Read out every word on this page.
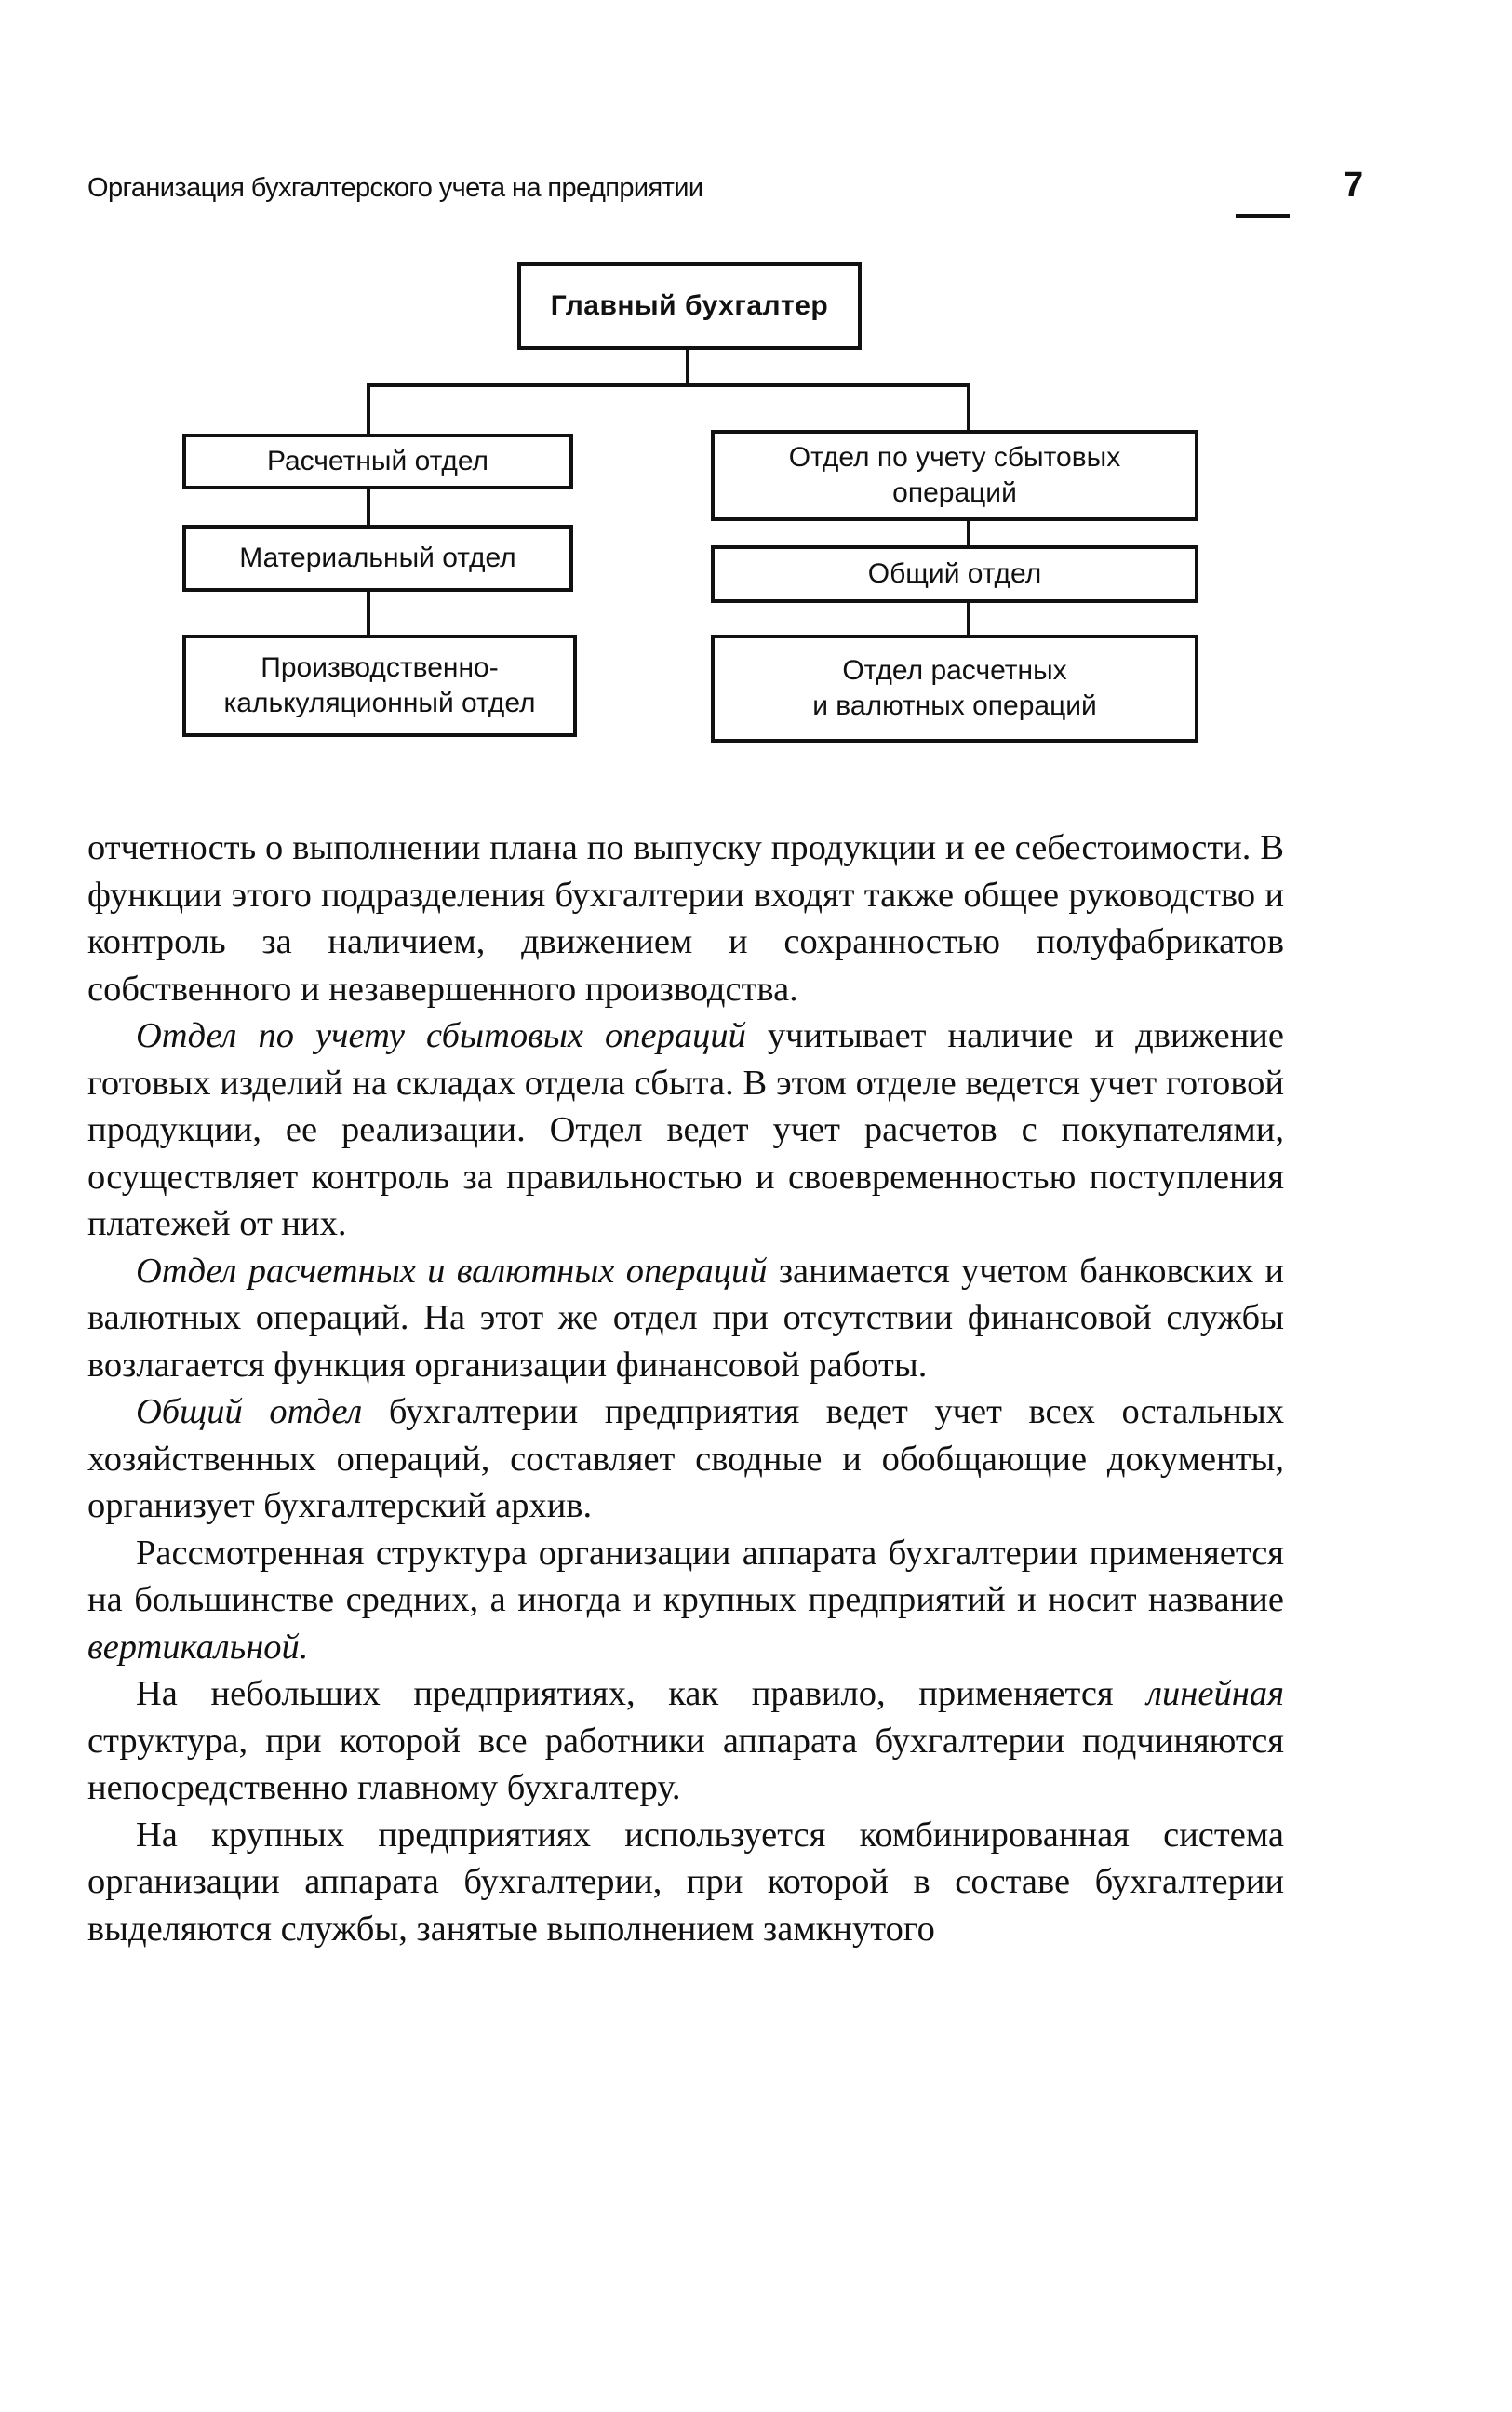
Организация бухгалтерского учета на предприятии	7
Главный бухгалтер
Расчетный отдел
Материальный отдел
Производственно-
калькуляционный отдел
Отдел по учету сбытовых
операций
Общий отдел
Отдел расчетных
и валютных операций

отчетность о выполнении плана по выпуску продукции и ее себестоимости. В функции этого подразделения бухгалтерии входят также общее руководство и контроль за наличием, движением и сохранностью полуфабрикатов собственного и незавершенного производства.

Отдел по учету сбытовых операций учитывает наличие и движение готовых изделий на складах отдела сбыта. В этом отделе ведется учет готовой продукции, ее реализации. Отдел ведет учет расчетов с покупателями, осуществляет контроль за правильностью и своевременностью поступления платежей от них.

Отдел расчетных и валютных операций занимается учетом банковских и валютных операций. На этот же отдел при отсутствии финансовой службы возлагается функция организации финансовой работы.

Общий отдел бухгалтерии предприятия ведет учет всех остальных хозяйственных операций, составляет сводные и обобщающие документы, организует бухгалтерский архив.

Рассмотренная структура организации аппарата бухгалтерии применяется на большинстве средних, а иногда и крупных предприятий и носит название вертикальной.

На небольших предприятиях, как правило, применяется линейная структура, при которой все работники аппарата бухгалтерии подчиняются непосредственно главному бухгалтеру.

На крупных предприятиях используется комбинированная система организации аппарата бухгалтерии, при которой в составе бухгалтерии выделяются службы, занятые выполнением замкнутого
